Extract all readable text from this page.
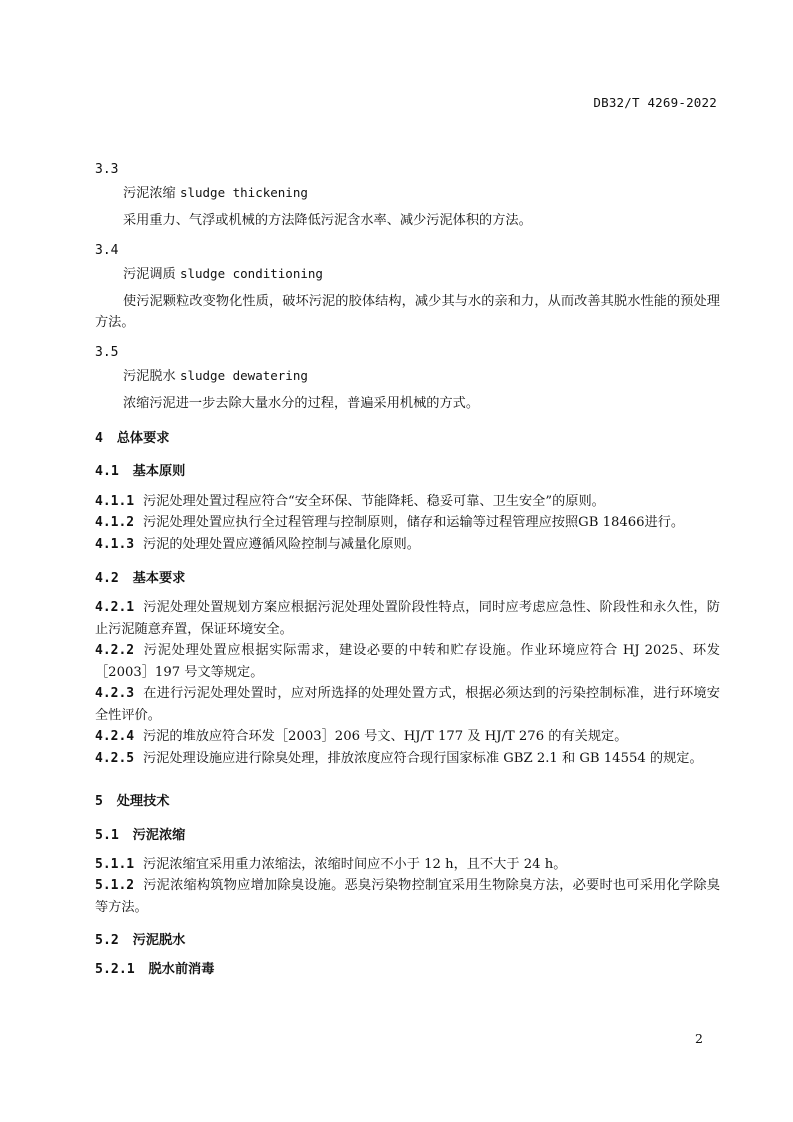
DB32/T 4269-2022

3.3

污泥浓缩 sludge thickening

采用重力、气浮或机械的方法降低污泥含水率、减少污泥体积的方法。

3.4

污泥调质 sludge conditioning

使污泥颗粒改变物化性质，破坏污泥的胶体结构，减少其与水的亲和力，从而改善其脱水性能的预处理方法。

3.5

污泥脱水 sludge dewatering

浓缩污泥进一步去除大量水分的过程，普遍采用机械的方式。

4 总体要求
4.1 基本原则

4.1.1 污泥处理处置过程应符合“安全环保、节能降耗、稳妥可靠、卫生安全”的原则。

4.1.2 污泥处理处置应执行全过程管理与控制原则，储存和运输等过程管理应按照GB 18466进行。

4.1.3 污泥的处理处置应遵循风险控制与减量化原则。

4.2 基本要求

4.2.1 污泥处理处置规划方案应根据污泥处理处置阶段性特点，同时应考虑应急性、阶段性和永久性，防止污泥随意弃置，保证环境安全。

4.2.2 污泥处理处置应根据实际需求，建设必要的中转和贮存设施。作业环境应符合 HJ 2025、环发［2003］197 号文等规定。

4.2.3 在进行污泥处理处置时，应对所选择的处理处置方式，根据必须达到的污染控制标准，进行环境安全性评价。

4.2.4 污泥的堆放应符合环发［2003］206 号文、HJ/T 177 及 HJ/T 276 的有关规定。

4.2.5 污泥处理设施应进行除臭处理，排放浓度应符合现行国家标准 GBZ 2.1 和 GB 14554 的规定。

5 处理技术
5.1 污泥浓缩

5.1.1 污泥浓缩宜采用重力浓缩法，浓缩时间应不小于 12 h，且不大于 24 h。

5.1.2 污泥浓缩构筑物应增加除臭设施。恶臭污染物控制宜采用生物除臭方法，必要时也可采用化学除臭等方法。

5.2 污泥脱水
5.2.1 脱水前消毒
2
